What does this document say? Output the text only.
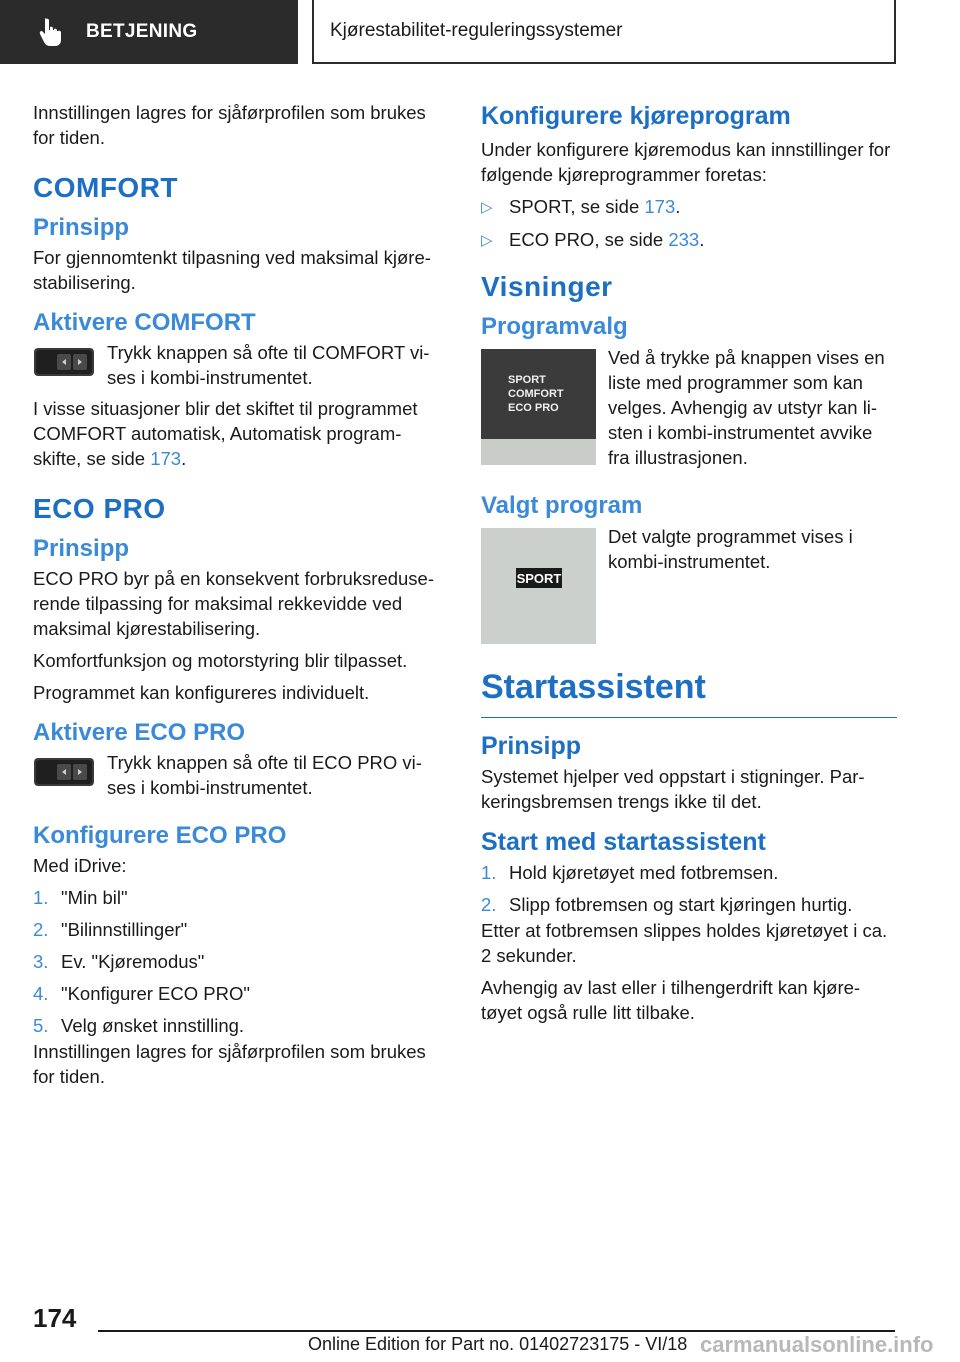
BETJENING	Kjørestabilitet-reguleringssystemer

Innstillingen lagres for sjåførprofilen som brukes for tiden.

COMFORT
Prinsipp

For gjennomtenkt tilpasning ved maksimal kjøre-stabilisering.

Aktivere COMFORT

Trykk knappen så ofte til COMFORT vi-ses i kombi-instrumentet.

I visse situasjoner blir det skiftet til programmet COMFORT automatisk, Automatisk program-skifte, se side 173.

ECO PRO
Prinsipp

ECO PRO byr på en konsekvent forbruksreduse-rende tilpassing for maksimal rekkevidde ved maksimal kjørestabilisering.

Komfortfunksjon og motorstyring blir tilpasset.

Programmet kan konfigureres individuelt.

Aktivere ECO PRO

Trykk knappen så ofte til ECO PRO vi-ses i kombi-instrumentet.

Konfigurere ECO PRO

Med iDrive:

1. "Min bil"
2. "Bilinnstillinger"
3. Ev. "Kjøremodus"
4. "Konfigurer ECO PRO"
5. Velg ønsket innstilling.

Innstillingen lagres for sjåførprofilen som brukes for tiden.

Konfigurere kjøreprogram

Under konfigurere kjøremodus kan innstillinger for følgende kjøreprogrammer foretas:

▷ SPORT, se side 173.
▷ ECO PRO, se side 233.
Visninger
Programvalg
SPORT
COMFORT
ECO PRO

Ved å trykke på knappen vises en liste med programmer som kan velges. Avhengig av utstyr kan li-sten i kombi-instrumentet avvike fra illustrasjonen.

Valgt program
SPORT

Det valgte programmet vises i kombi-instrumentet.

Startassistent
Prinsipp

Systemet hjelper ved oppstart i stigninger. Par-keringsbremsen trengs ikke til det.

Start med startassistent
1. Hold kjøretøyet med fotbremsen.
2. Slipp fotbremsen og start kjøringen hurtig.

Etter at fotbremsen slippes holdes kjøretøyet i ca. 2 sekunder.

Avhengig av last eller i tilhengerdrift kan kjøre-tøyet også rulle litt tilbake.

174
Online Edition for Part no. 01402723175 - VI/18 carmanualsonline.info
